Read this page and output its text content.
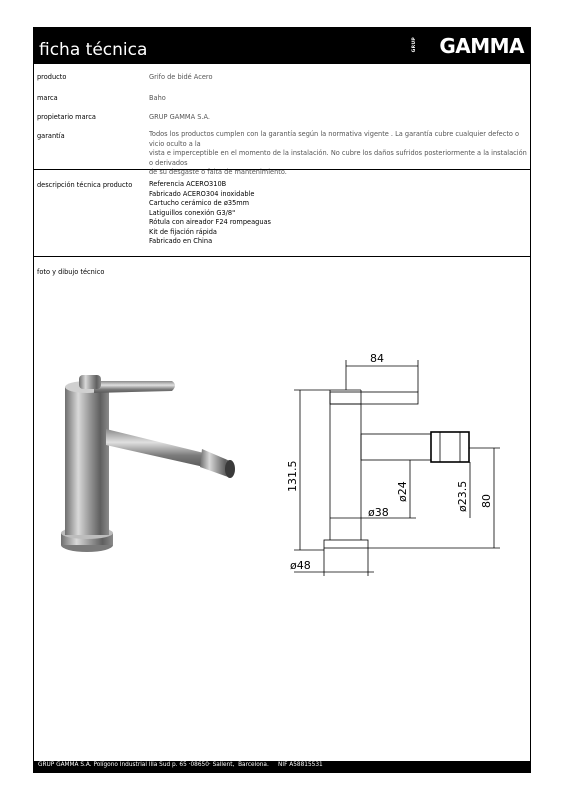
ficha técnica	GRUP GAMMA
producto	Grifo de bidé Acero
marca	Baho
propietario marca	GRUP GAMMA S.A.
garantía	Todos los productos cumplen con la garantía según la normativa vigente . La garantía cubre cualquier defecto o vicio oculto a la
vista e imperceptible en el momento de la instalación. No cubre los daños sufridos posteriormente a la instalación o derivados
de su desgaste o falta de mantenimiento.
descripción técnica producto	Referencia ACERO310B
Fabricado ACERO304 inoxidable
Cartucho cerámico de ø35mm
Latiguillos conexión G3/8"
Rótula con aireador F24 rompeaguas
Kit de fijación rápida
Fabricado en China
foto y dibujo técnico
GRUP GAMMA S.A. Polígono Industrial Illa Sud p. 65 ·08650· Sallent,  Barcelona.     NIF A58815531
84
131.5	ø24
ø38
ø23.5 80
ø48
